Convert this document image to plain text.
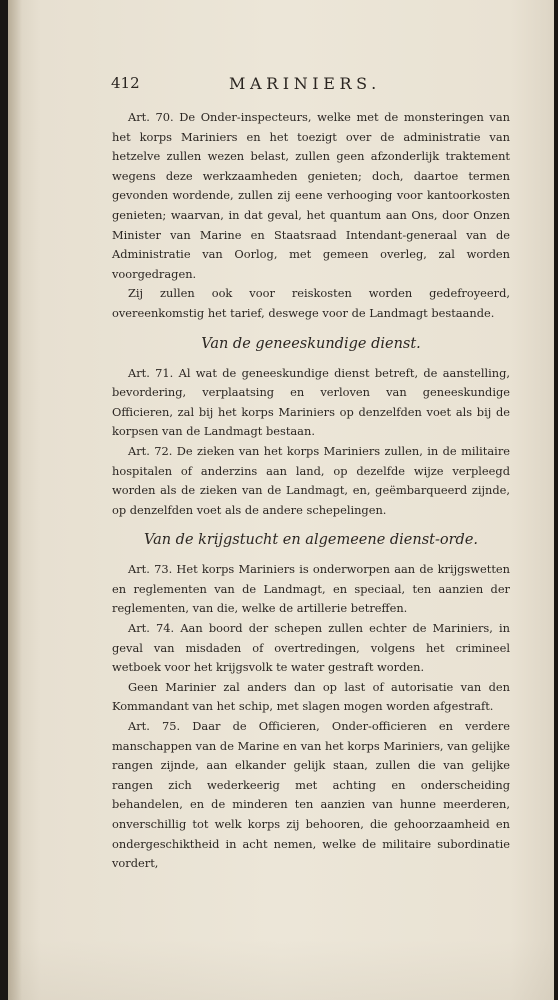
412	MARINIERS.

Art. 70. De Onder-inspecteurs, welke met de monsteringen van het korps Mariniers en het toezigt over de administratie van hetzelve zullen wezen belast, zullen geen afzonderlijk traktement wegens deze werkzaamheden genieten; doch, daartoe termen gevonden wordende, zullen zij eene verhooging voor kantoorkosten genieten; waarvan, in dat geval, het quantum aan Ons, door Onzen Minister van Marine en Staatsraad Intendant-generaal van de Administratie van Oorlog, met gemeen overleg, zal worden voorgedragen.

Zij zullen ook voor reiskosten worden gedefroyeerd, overeenkomstig het tarief, deswege voor de Landmagt bestaande.

Van de geneeskundige dienst.

Art. 71. Al wat de geneeskundige dienst betreft, de aanstelling, bevordering, verplaatsing en verloven van geneeskundige Officieren, zal bij het korps Mariniers op denzelfden voet als bij de korpsen van de Landmagt bestaan.

Art. 72. De zieken van het korps Mariniers zullen, in de militaire hospitalen of anderzins aan land, op dezelfde wijze verpleegd worden als de zieken van de Landmagt, en, geëmbarqueerd zijnde, op denzelfden voet als de andere schepelingen.

Van de krijgstucht en algemeene dienst-orde.

Art. 73. Het korps Mariniers is onderworpen aan de krijgswetten en reglementen van de Landmagt, en speciaal, ten aanzien der reglementen, van die, welke de artillerie betreffen.

Art. 74. Aan boord der schepen zullen echter de Mariniers, in geval van misdaden of overtredingen, volgens het crimineel wetboek voor het krijgsvolk te water gestraft worden.

Geen Marinier zal anders dan op last of autorisatie van den Kommandant van het schip, met slagen mogen worden afgestraft.

Art. 75. Daar de Officieren, Onder-officieren en verdere manschappen van de Marine en van het korps Mariniers, van gelijke rangen zijnde, aan elkander gelijk staan, zullen die van gelijke rangen zich wederkeerig met achting en onderscheiding behandelen, en de minderen ten aanzien van hunne meerderen, onverschillig tot welk korps zij behooren, die gehoorzaamheid en ondergeschiktheid in acht nemen, welke de militaire subordinatie vordert,
